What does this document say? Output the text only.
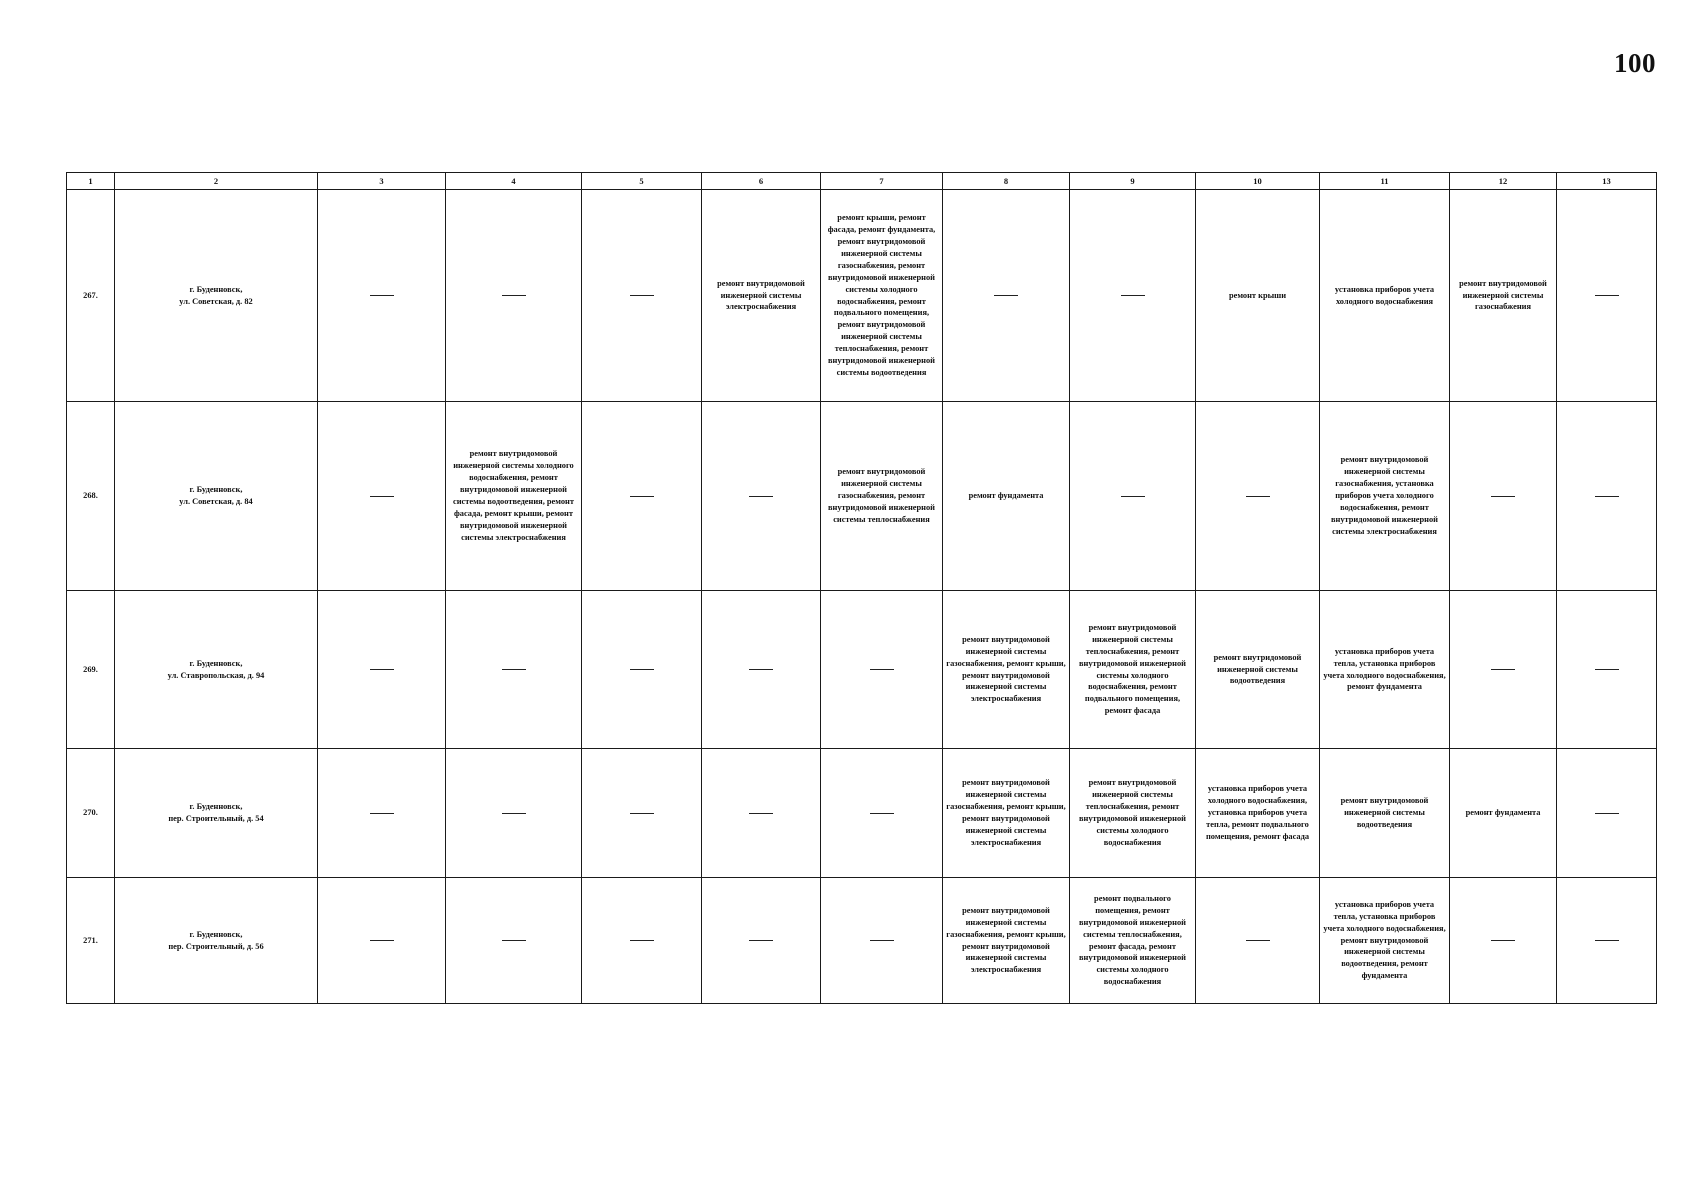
100
1	2	3	4	5	6	7	8	9	10	11	12	13
267.	г. Буденновск,
ул. Советская, д. 82				ремонт внутридомовой инженерной системы электроснабжения	ремонт крыши, ремонт фасада, ремонт фундамента, ремонт внутридомовой инженерной системы газоснабжения, ремонт внутридомовой инженерной системы холодного водоснабжения, ремонт подвального помещения, ремонт внутридомовой инженерной системы теплоснабжения, ремонт внутридомовой инженерной системы водоотведения			ремонт крыши	установка приборов учета холодного водоснабжения	ремонт внутридомовой инженерной системы газоснабжения	
268.	г. Буденновск,
ул. Советская, д. 84		ремонт внутридомовой инженерной системы холодного водоснабжения, ремонт внутридомовой инженерной системы водоотведения, ремонт фасада, ремонт крыши, ремонт внутридомовой инженерной системы электроснабжения			ремонт внутридомовой инженерной системы газоснабжения, ремонт внутридомовой инженерной системы теплоснабжения	ремонт фундамента			ремонт внутридомовой инженерной системы газоснабжения, установка приборов учета холодного водоснабжения, ремонт внутридомовой инженерной системы электроснабжения		
269.	г. Буденновск,
ул. Ставропольская, д. 94						ремонт внутридомовой инженерной системы газоснабжения, ремонт крыши, ремонт внутридомовой инженерной системы электроснабжения	ремонт внутридомовой инженерной системы теплоснабжения, ремонт внутридомовой инженерной системы холодного водоснабжения, ремонт подвального помещения, ремонт фасада	ремонт внутридомовой инженерной системы водоотведения	установка приборов учета тепла, установка приборов учета холодного водоснабжения, ремонт фундамента		
270.	г. Буденновск,
пер. Строительный, д. 54						ремонт внутридомовой инженерной системы газоснабжения, ремонт крыши, ремонт внутридомовой инженерной системы электроснабжения	ремонт внутридомовой инженерной системы теплоснабжения, ремонт внутридомовой инженерной системы холодного водоснабжения	установка приборов учета холодного водоснабжения, установка приборов учета тепла, ремонт подвального помещения, ремонт фасада	ремонт внутридомовой инженерной системы водоотведения	ремонт фундамента	
271.	г. Буденновск,
пер. Строительный, д. 56						ремонт внутридомовой инженерной системы газоснабжения, ремонт крыши, ремонт внутридомовой инженерной системы электроснабжения	ремонт подвального помещения, ремонт внутридомовой инженерной системы теплоснабжения, ремонт фасада, ремонт внутридомовой инженерной системы холодного водоснабжения		установка приборов учета тепла, установка приборов учета холодного водоснабжения, ремонт внутридомовой инженерной системы водоотведения, ремонт фундамента		
